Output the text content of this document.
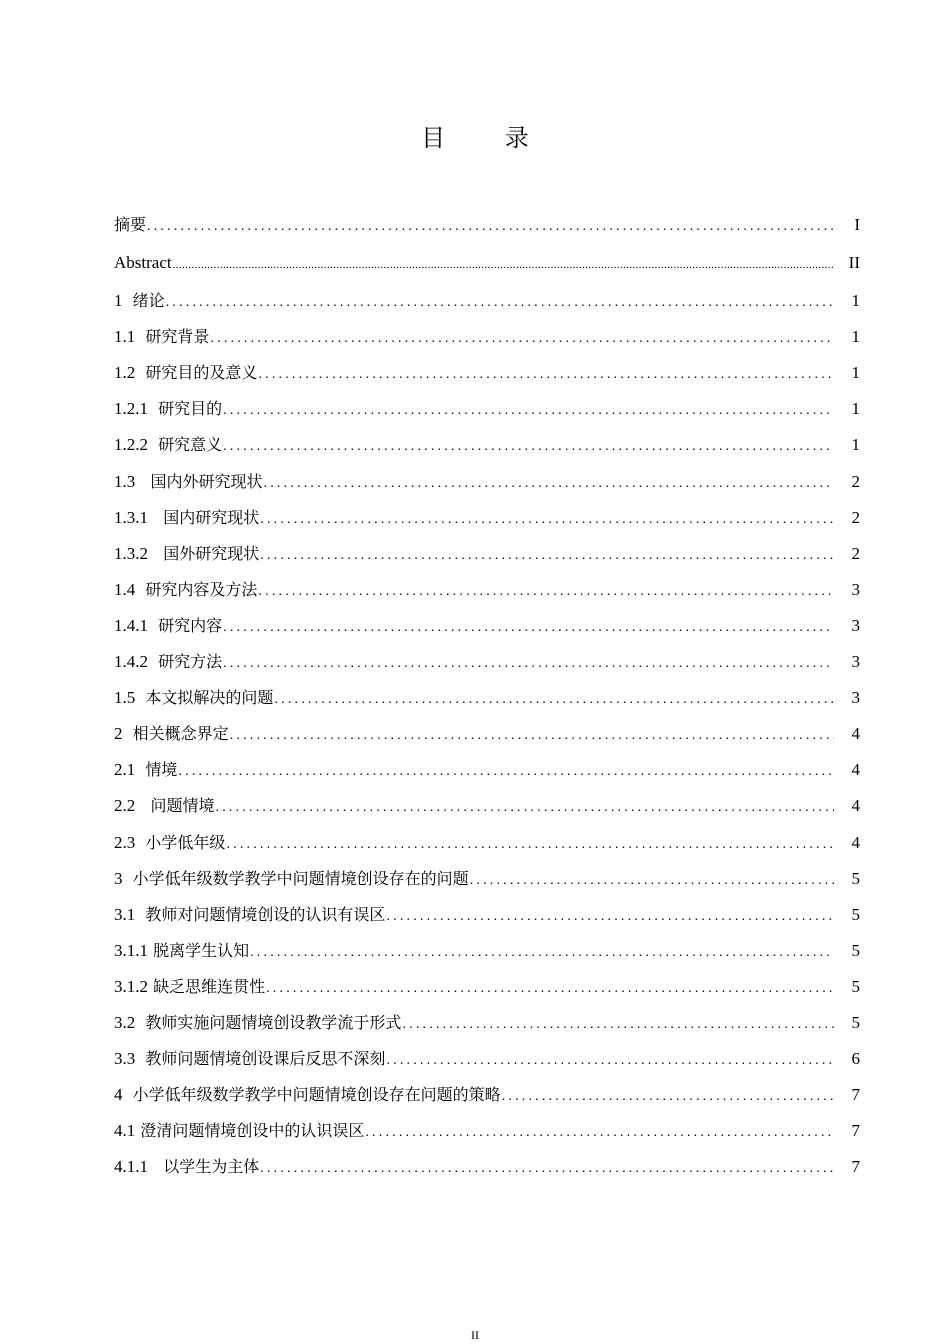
目 录
摘要 .....	I
Abstract .....	II
1 绪论 .....	1
1.1 研究背景 .....	1
1.2 研究目的及意义 .....	1
1.2.1 研究目的 .....	1
1.2.2 研究意义 .....	1
1.3 国内外研究现状 .....	2
1.3.1 国内研究现状 .....	2
1.3.2 国外研究现状 .....	2
1.4 研究内容及方法 .....	3
1.4.1 研究内容 .....	3
1.4.2 研究方法 .....	3
1.5 本文拟解决的问题 .....	3
2 相关概念界定 .....	4
2.1 情境 .....	4
2.2 问题情境 .....	4
2.3 小学低年级 .....	4
3 小学低年级数学教学中问题情境创设存在的问题 .....	5
3.1 教师对问题情境创设的认识有误区 .....	5
3.1.1 脱离学生认知 .....	5
3.1.2 缺乏思维连贯性 .....	5
3.2 教师实施问题情境创设教学流于形式 .....	5
3.3 教师问题情境创设课后反思不深刻 .....	6
4 小学低年级数学教学中问题情境创设存在问题的策略 .....	7
4.1 澄清问题情境创设中的认识误区 .....	7
4.1.1 以学生为主体 .....	7
II
